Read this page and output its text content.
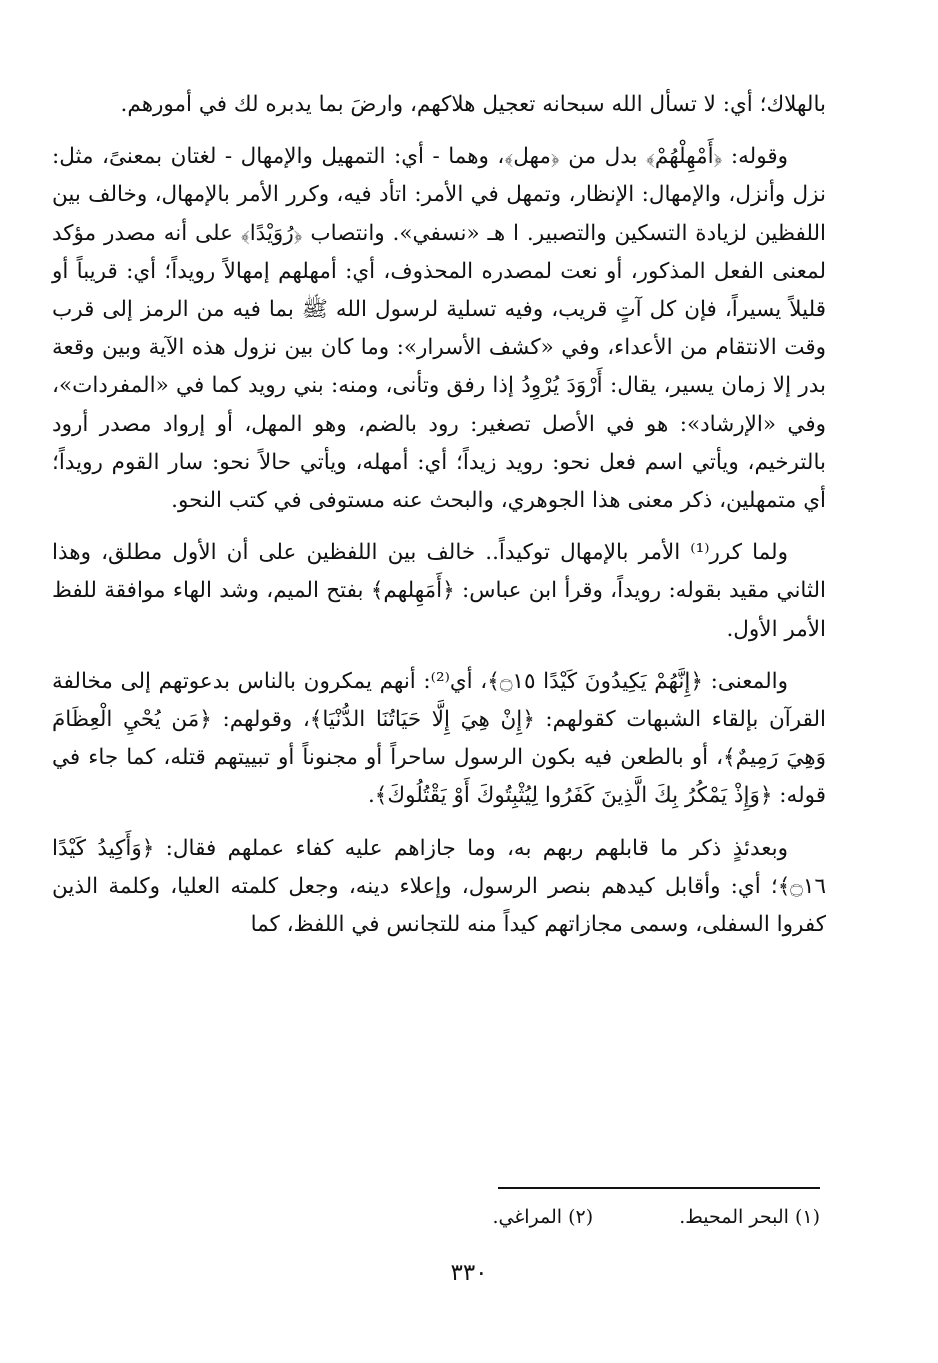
بالهلاك؛ أي: لا تسأل الله سبحانه تعجيل هلاكهم، وارضَ بما يدبره لك في أمورهم.

وقوله: ﴿أَمْهِلْهُمْ﴾ بدل من ﴿مهل﴾، وهما - أي: التمهيل والإمهال - لغتان بمعنىً، مثل: نزل وأنزل، والإمهال: الإنظار، وتمهل في الأمر: اتأد فيه، وكرر الأمر بالإمهال، وخالف بين اللفظين لزيادة التسكين والتصبير. ا هـ «نسفي». وانتصاب ﴿رُوَيْدًا﴾ على أنه مصدر مؤكد لمعنى الفعل المذكور، أو نعت لمصدره المحذوف، أي: أمهلهم إمهالاً رويداً؛ أي: قريباً أو قليلاً يسيراً، فإن كل آتٍ قريب، وفيه تسلية لرسول الله ﷺ بما فيه من الرمز إلى قرب وقت الانتقام من الأعداء، وفي «كشف الأسرار»: وما كان بين نزول هذه الآية وبين وقعة بدر إلا زمان يسير، يقال: أَرْوَدَ يُرْوِدُ إذا رفق وتأنى، ومنه: بني رويد كما في «المفردات»، وفي «الإرشاد»: هو في الأصل تصغير: رود بالضم، وهو المهل، أو إرواد مصدر أرود بالترخيم، ويأتي اسم فعل نحو: رويد زيداً؛ أي: أمهله، ويأتي حالاً نحو: سار القوم رويداً؛ أي متمهلين، ذكر معنى هذا الجوهري، والبحث عنه مستوفى في كتب النحو.

ولما كرر⁽¹⁾ الأمر بالإمهال توكيداً.. خالف بين اللفظين على أن الأول مطلق، وهذا الثاني مقيد بقوله: رويداً، وقرأ ابن عباس: ﴿أَمَهِلهم﴾ بفتح الميم، وشد الهاء موافقة للفظ الأمر الأول.

والمعنى: ﴿إِنَّهُمْ يَكِيدُونَ كَيْدًا ۝١٥﴾، أي⁽²⁾: أنهم يمكرون بالناس بدعوتهم إلى مخالفة القرآن بإلقاء الشبهات كقولهم: ﴿إِنْ هِيَ إِلَّا حَيَاتُنَا الدُّنْيَا﴾، وقولهم: ﴿مَن يُحْيِ الْعِظَامَ وَهِيَ رَمِيمٌ﴾، أو بالطعن فيه بكون الرسول ساحراً أو مجنوناً أو تبييتهم قتله، كما جاء في قوله: ﴿وَإِذْ يَمْكُرُ بِكَ الَّذِينَ كَفَرُوا لِيُثْبِتُوكَ أَوْ يَقْتُلُوكَ﴾.

وبعدئذٍ ذكر ما قابلهم ربهم به، وما جازاهم عليه كفاء عملهم فقال: ﴿وَأَكِيدُ كَيْدًا ۝١٦﴾؛ أي: وأقابل كيدهم بنصر الرسول، وإعلاء دينه، وجعل كلمته العليا، وكلمة الذين كفروا السفلى، وسمى مجازاتهم كيداً منه للتجانس في اللفظ، كما

(١) البحر المحيط.
(٢) المراغي.
٣٣٠
